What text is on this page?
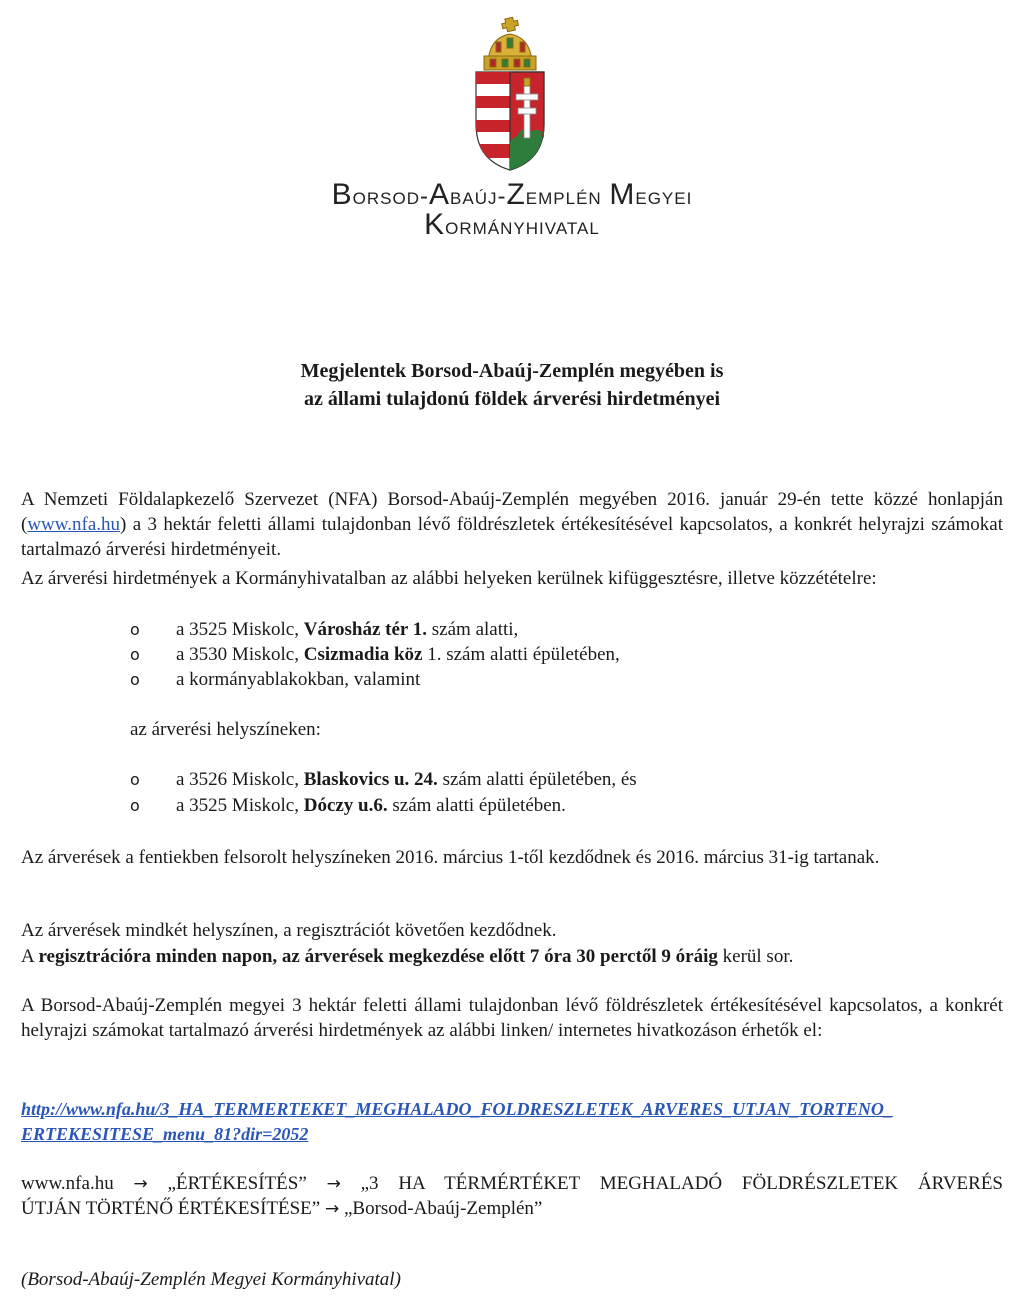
Borsod-Abaúj-Zemplén Megyei
Kormányhivatal
Megjelentek Borsod-Abaúj-Zemplén megyében is
az állami tulajdonú földek árverési hirdetményei

A Nemzeti Földalapkezelő Szervezet (NFA) Borsod-Abaúj-Zemplén megyében 2016. január 29-én tette közzé honlapján (www.nfa.hu) a 3 hektár feletti állami tulajdonban lévő földrészletek értékesítésével kapcsolatos, a konkrét helyrajzi számokat tartalmazó árverési hirdetményeit.

Az árverési hirdetmények a Kormányhivatalban az alábbi helyeken kerülnek kifüggesztésre, illetve közzétételre:

o a 3525 Miskolc, Városház tér 1. szám alatti,
o a 3530 Miskolc, Csizmadia köz 1. szám alatti épületében,
o a kormányablakokban, valamint
az árverési helyszíneken:
o a 3526 Miskolc, Blaskovics u. 24. szám alatti épületében, és
o a 3525 Miskolc, Dóczy u.6. szám alatti épületében.

Az árverések a fentiekben felsorolt helyszíneken 2016. március 1-től kezdődnek és 2016. március 31-ig tartanak.

Az árverések mindkét helyszínen, a regisztrációt követően kezdődnek.
A regisztrációra minden napon, az árverések megkezdése előtt 7 óra 30 perctől 9 óráig kerül sor.

A Borsod-Abaúj-Zemplén megyei 3 hektár feletti állami tulajdonban lévő földrészletek értékesítésével kapcsolatos, a konkrét helyrajzi számokat tartalmazó árverési hirdetmények az alábbi linken/ internetes hivatkozáson érhetők el:

http://www.nfa.hu/3_HA_TERMERTEKET_MEGHALADO_FOLDRESZLETEK_ARVERES_UTJAN_TORTENO_
ERTEKESITESE_menu_81?dir=2052
www.nfa.hu → „ÉRTÉKESÍTÉS” → „3 HA TÉRMÉRTÉKET MEGHALADÓ FÖLDRÉSZLETEK ÁRVERÉS
ÚTJÁN TÖRTÉNŐ ÉRTÉKESÍTÉSE” → „Borsod-Abaúj-Zemplén”
(Borsod-Abaúj-Zemplén Megyei Kormányhivatal)
